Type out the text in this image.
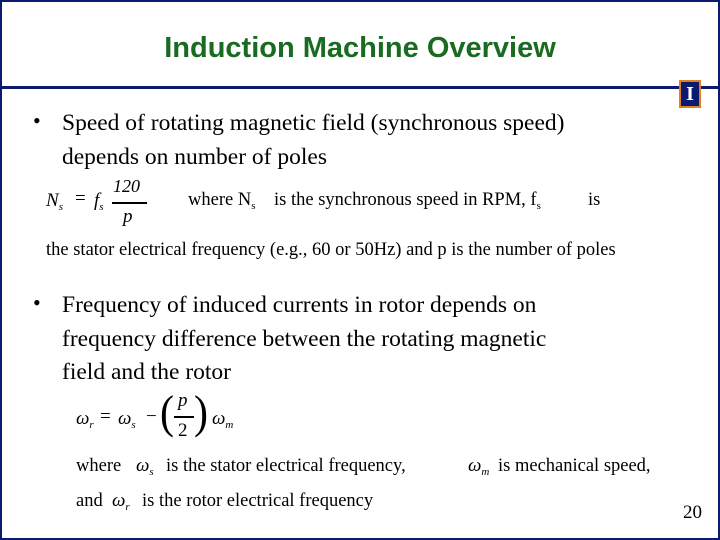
Induction Machine Overview
I
• Speed of rotating magnetic field (synchronous speed)
depends on number of poles
$N_s = f_s$
120
p
where $N_s$ is the synchronous speed in RPM, $f_s$	is
the stator electrical frequency (e.g., 60 or 50Hz) and p is the number of poles
• Frequency of induced currents in rotor depends on
frequency difference between the rotating magnetic
field and the rotor
$\omega_r = \omega_s$ − ( p
2 ) $\omega_m$
where $\omega_s$ is the stator electrical frequency,	$\omega_m$ is mechanical speed,
and $\omega_r$ is the rotor electrical frequency
20
